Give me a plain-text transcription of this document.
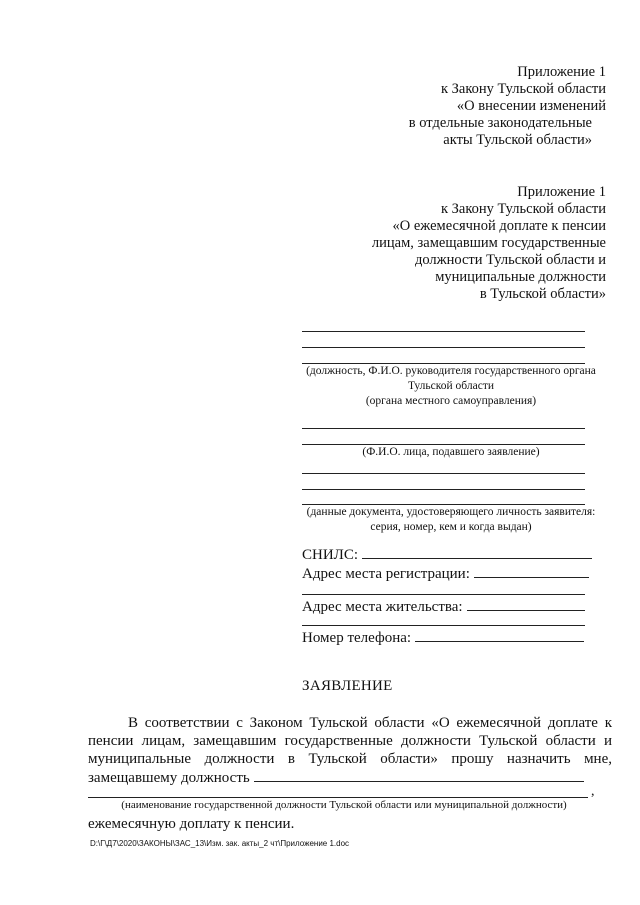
Приложение 1
к Закону Тульской области
«О внесении изменений
в отдельные законодательные
акты Тульской области»
Приложение 1
к Закону Тульской области
«О ежемесячной доплате к пенсии
лицам, замещавшим государственные
должности Тульской области и
муниципальные должности
в Тульской области»
(должность, Ф.И.О. руководителя государственного органа
Тульской области
(органа местного самоуправления)
(Ф.И.О. лица, подавшего заявление)
(данные документа, удостоверяющего личность заявителя:
серия, номер, кем и когда выдан)
СНИЛС:
Адрес места регистрации:
Адрес места жительства:
Номер телефона:
ЗАЯВЛЕНИЕ
В соответствии с Законом Тульской области «О ежемесячной доплате к
пенсии лицам, замещавшим государственные должности Тульской области и
муниципальные должности в Тульской области» прошу назначить мне,
замещавшему должность
,
(наименование государственной должности Тульской области или муниципальной должности)
ежемесячную доплату к пенсии.
D:\Г\Д7\2020\ЗАКОНЫ\ЗАС_13\Изм. зак. акты_2 чт\Приложение 1.doc
